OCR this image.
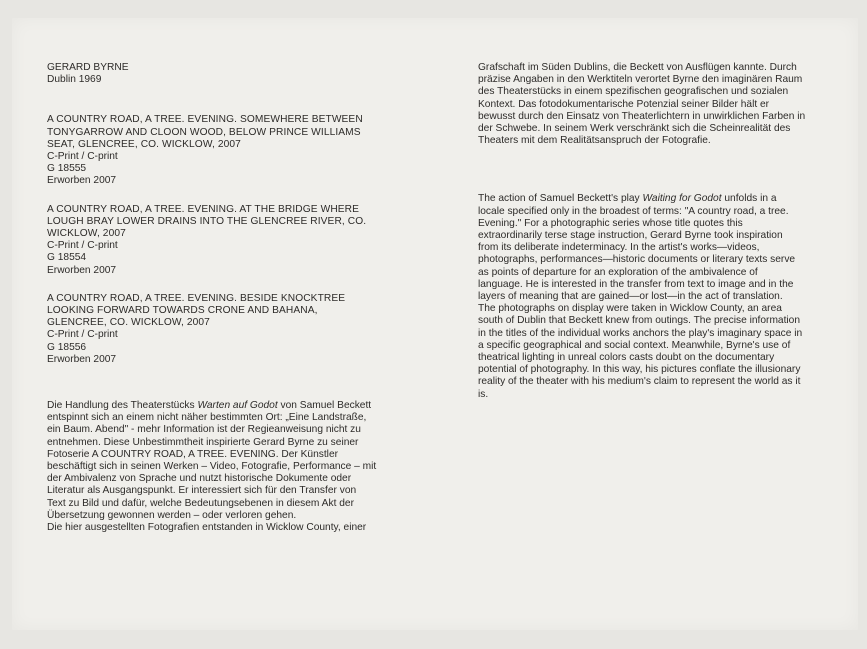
GERARD BYRNE

Dublin 1969

A COUNTRY ROAD, A TREE. EVENING. SOMEWHERE BETWEEN

TONYGARROW AND CLOON WOOD, BELOW PRINCE WILLIAMS

SEAT, GLENCREE, CO. WICKLOW, 2007

C-Print / C-print

G 18555

Erworben 2007

A COUNTRY ROAD, A TREE. EVENING. AT THE BRIDGE WHERE

LOUGH BRAY LOWER DRAINS INTO THE GLENCREE RIVER, CO.

WICKLOW, 2007

C-Print / C-print

G 18554

Erworben 2007

A COUNTRY ROAD, A TREE. EVENING. BESIDE KNOCKTREE

LOOKING FORWARD TOWARDS CRONE AND BAHANA,

GLENCREE, CO. WICKLOW, 2007

C-Print / C-print

G 18556

Erworben 2007

Die Handlung des Theaterstücks Warten auf Godot von Samuel Beckett

entspinnt sich an einem nicht näher bestimmten Ort: „Eine Landstraße,

ein Baum. Abend" - mehr Information ist der Regieanweisung nicht zu

entnehmen. Diese Unbestimmtheit inspirierte Gerard Byrne zu seiner

Fotoserie A COUNTRY ROAD, A TREE. EVENING. Der Künstler

beschäftigt sich in seinen Werken – Video, Fotografie, Performance – mit

der Ambivalenz von Sprache und nutzt historische Dokumente oder

Literatur als Ausgangspunkt. Er interessiert sich für den Transfer von

Text zu Bild und dafür, welche Bedeutungsebenen in diesem Akt der

Übersetzung gewonnen werden – oder verloren gehen.

Die hier ausgestellten Fotografien entstanden in Wicklow County, einer

Grafschaft im Süden Dublins, die Beckett von Ausflügen kannte. Durch

präzise Angaben in den Werktiteln verortet Byrne den imaginären Raum

des Theaterstücks in einem spezifischen geografischen und sozialen

Kontext. Das fotodokumentarische Potenzial seiner Bilder hält er

bewusst durch den Einsatz von Theaterlichtern in unwirklichen Farben in

der Schwebe. In seinem Werk verschränkt sich die Scheinrealität des

Theaters mit dem Realitätsanspruch der Fotografie.

The action of Samuel Beckett's play Waiting for Godot unfolds in a

locale specified only in the broadest of terms: "A country road, a tree.

Evening." For a photographic series whose title quotes this

extraordinarily terse stage instruction, Gerard Byrne took inspiration

from its deliberate indeterminacy. In the artist's works—videos,

photographs, performances—historic documents or literary texts serve

as points of departure for an exploration of the ambivalence of

language. He is interested in the transfer from text to image and in the

layers of meaning that are gained—or lost—in the act of translation.

The photographs on display were taken in Wicklow County, an area

south of Dublin that Beckett knew from outings. The precise information

in the titles of the individual works anchors the play's imaginary space in

a specific geographical and social context. Meanwhile, Byrne's use of

theatrical lighting in unreal colors casts doubt on the documentary

potential of photography. In this way, his pictures conflate the illusionary

reality of the theater with his medium's claim to represent the world as it

is.
